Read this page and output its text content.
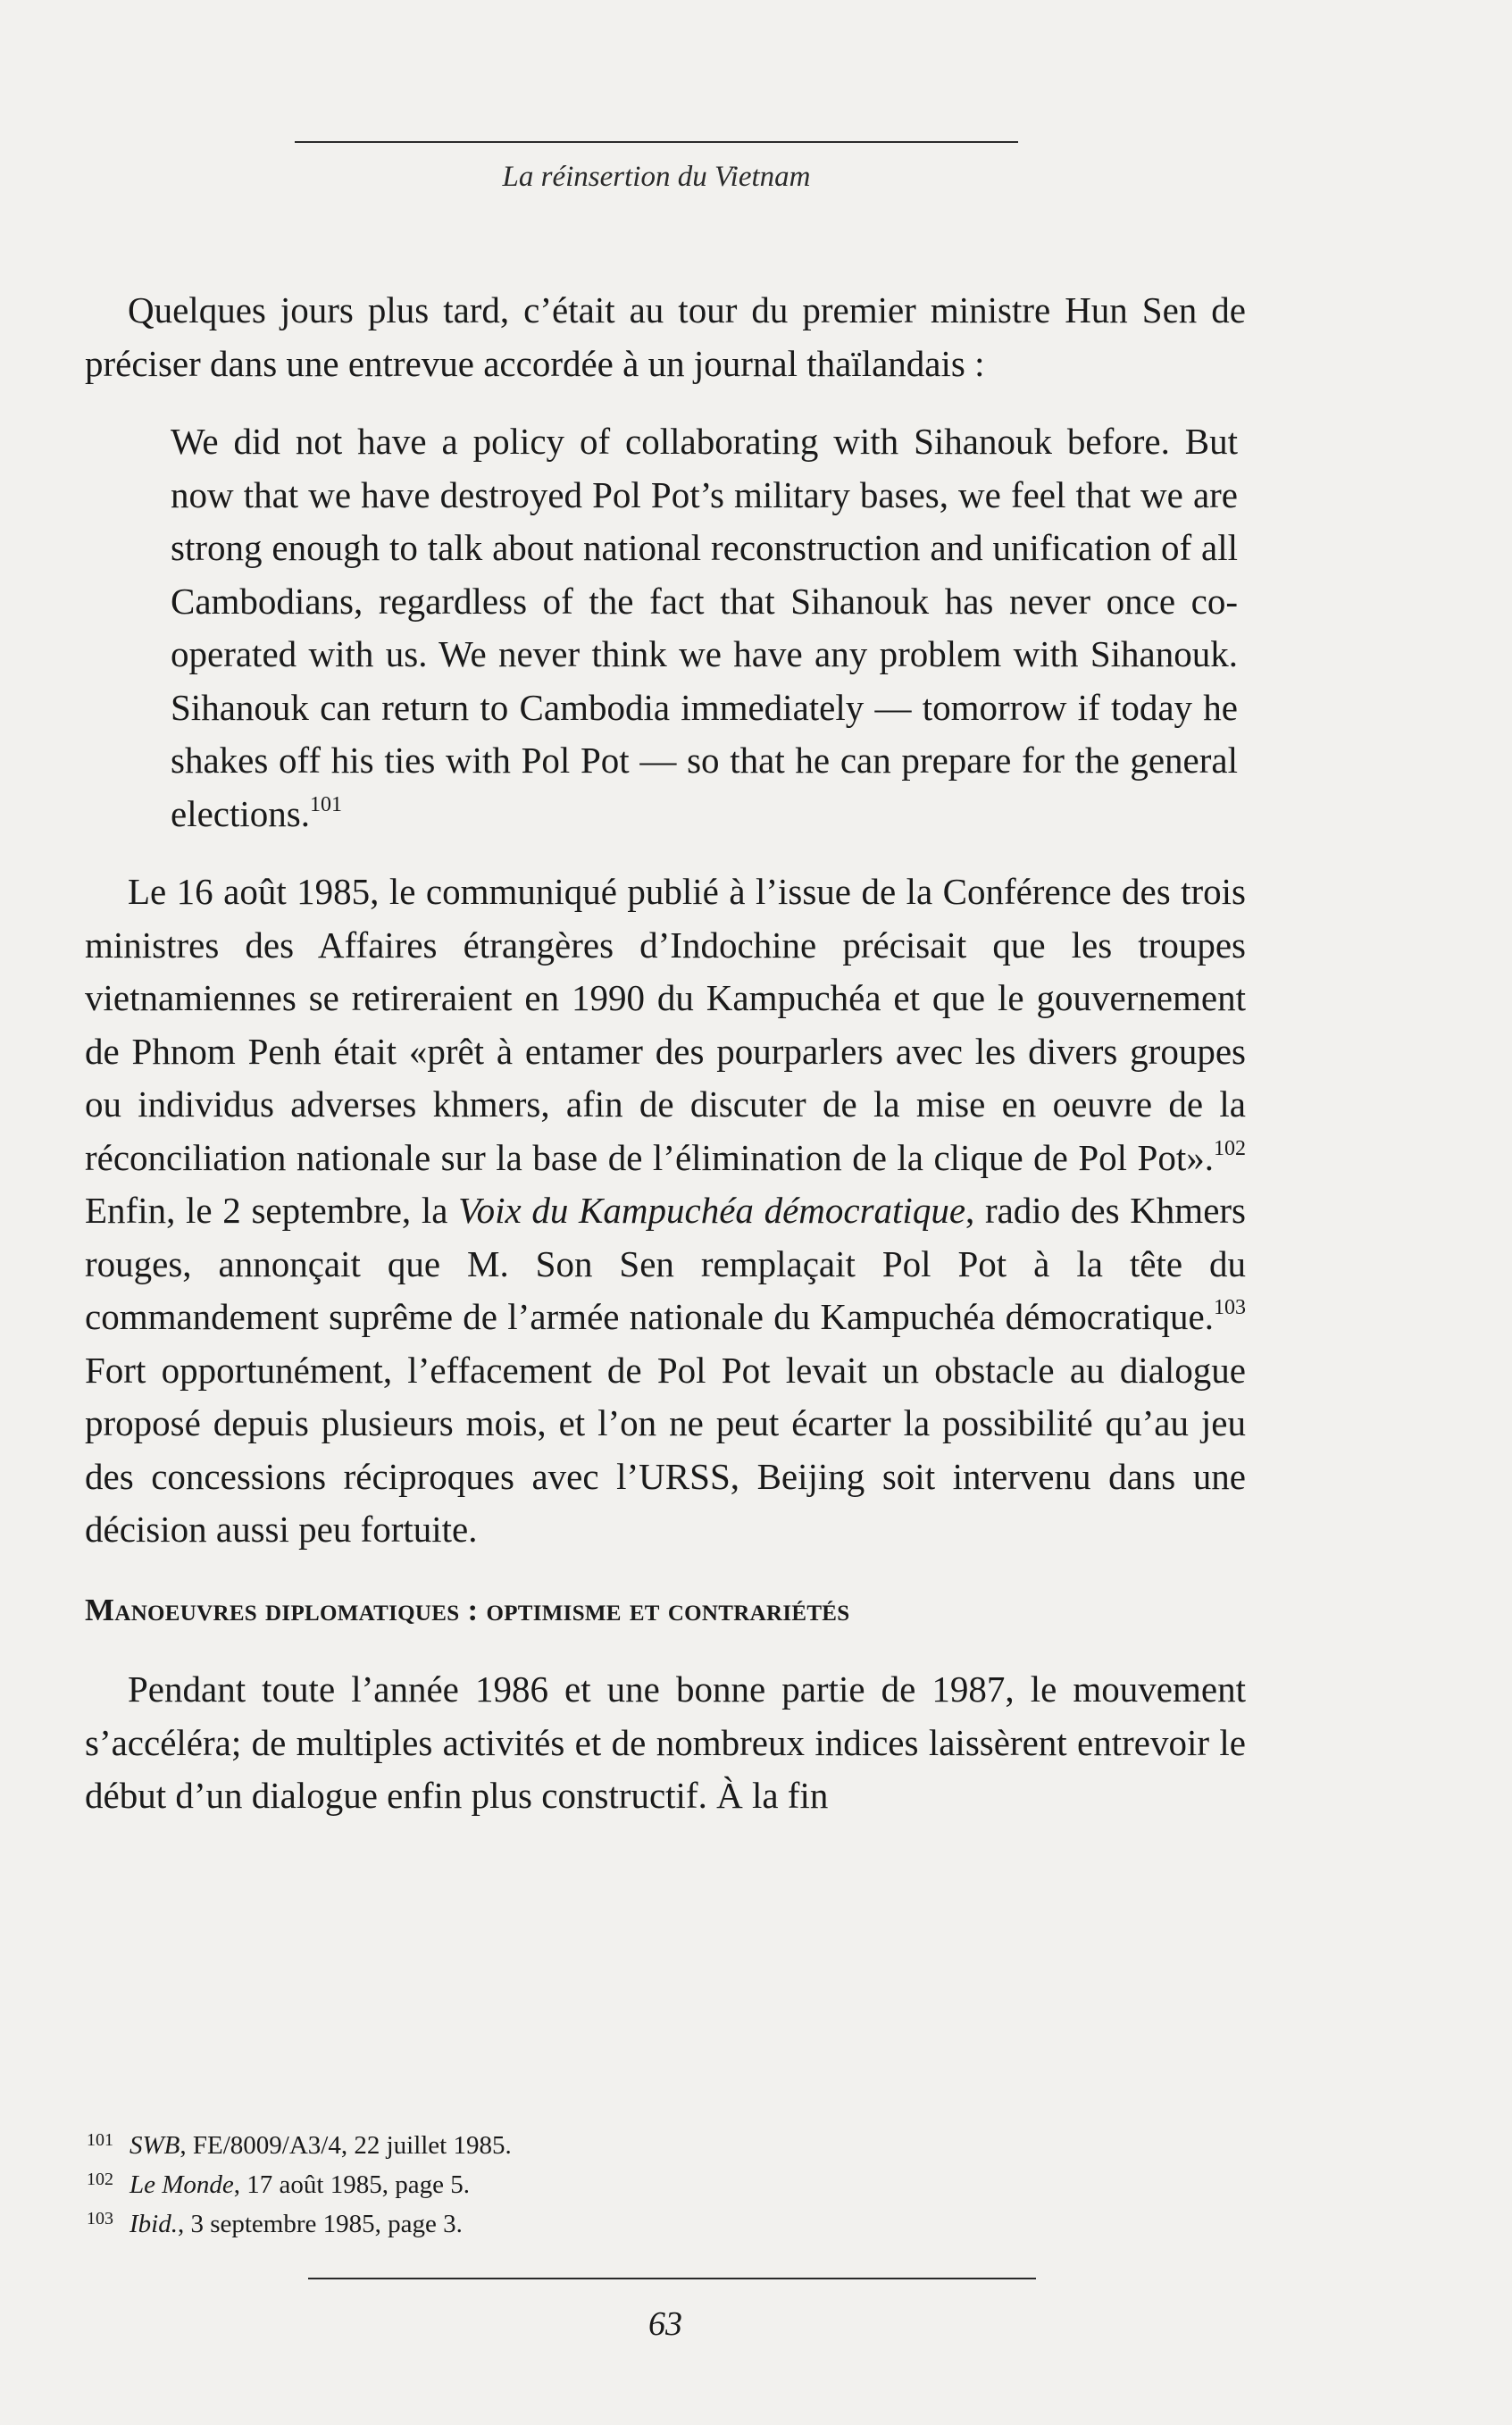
La réinsertion du Vietnam

Quelques jours plus tard, c’était au tour du premier ministre Hun Sen de préciser dans une entrevue accordée à un journal thaïlandais :

We did not have a policy of collaborating with Sihanouk before. But now that we have destroyed Pol Pot’s military bases, we feel that we are strong enough to talk about national reconstruction and unification of all Cambodians, regardless of the fact that Sihanouk has never once co-operated with us. We never think we have any problem with Sihanouk. Sihanouk can return to Cambodia immediately — tomorrow if today he shakes off his ties with Pol Pot — so that he can prepare for the general elections.$^{101}$

Le 16 août 1985, le communiqué publié à l’issue de la Conférence des trois ministres des Affaires étrangères d’Indochine précisait que les troupes vietnamiennes se retireraient en 1990 du Kampuchéa et que le gouvernement de Phnom Penh était «prêt à entamer des pourparlers avec les divers groupes ou individus adverses khmers, afin de discuter de la mise en oeuvre de la réconciliation nationale sur la base de l’élimination de la clique de Pol Pot».$^{102}$ Enfin, le 2 septembre, la Voix du Kampuchéa démocratique, radio des Khmers rouges, annonçait que M. Son Sen remplaçait Pol Pot à la tête du commandement suprême de l’armée nationale du Kampuchéa démocratique.$^{103}$ Fort opportunément, l’effacement de Pol Pot levait un obstacle au dialogue proposé depuis plusieurs mois, et l’on ne peut écarter la possibilité qu’au jeu des concessions réciproques avec l’URSS, Beijing soit intervenu dans une décision aussi peu fortuite.

Manoeuvres diplomatiques : optimisme et contrariétés

Pendant toute l’année 1986 et une bonne partie de 1987, le mouvement s’accéléra; de multiples activités et de nombreux indices laissèrent entrevoir le début d’un dialogue enfin plus constructif. À la fin

101 SWB, FE/8009/A3/4, 22 juillet 1985.
102 Le Monde, 17 août 1985, page 5.
103 Ibid., 3 septembre 1985, page 3.
63
